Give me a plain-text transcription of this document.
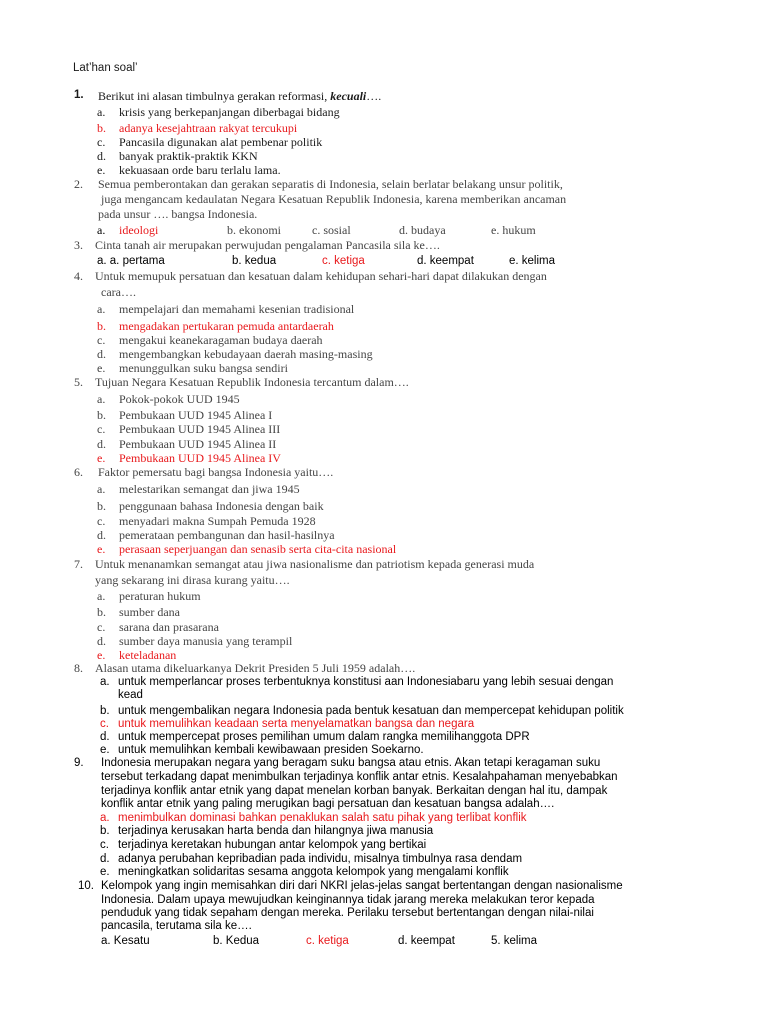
Lat’han soal’
1. Berikut ini alasan timbulnya gerakan reformasi, kecuali….
a. krisis yang berkepanjangan diberbagai bidang
b. adanya kesejahtraan rakyat tercukupi
c. Pancasila digunakan alat pembenar politik
d. banyak praktik-praktik KKN
e. kekuasaan orde baru terlalu lama.
2. Semua pemberontakan dan gerakan separatis di Indonesia, selain berlatar belakang unsur politik,
juga mengancam kedaulatan Negara Kesatuan Republik Indonesia, karena memberikan ancaman
pada unsur …. bangsa Indonesia.
a. ideologi	b. ekonomi	c. sosial	d. budaya	e. hukum
3. Cinta tanah air merupakan perwujudan pengalaman Pancasila sila ke….
a. a. pertama	b. kedua	c. ketiga	d. keempat	e. kelima
4. Untuk memupuk persatuan dan kesatuan dalam kehidupan sehari-hari dapat dilakukan dengan
cara….
a. mempelajari dan memahami kesenian tradisional
b. mengadakan pertukaran pemuda antardaerah
c. mengakui keanekaragaman budaya daerah
d. mengembangkan kebudayaan daerah masing-masing
e. menunggulkan suku bangsa sendiri
5. Tujuan Negara Kesatuan Republik Indonesia tercantum dalam….
a. Pokok-pokok UUD 1945
b. Pembukaan UUD 1945 Alinea I
c. Pembukaan UUD 1945 Alinea III
d. Pembukaan UUD 1945 Alinea II
e. Pembukaan UUD 1945 Alinea IV
6. Faktor pemersatu bagi bangsa Indonesia yaitu….
a. melestarikan semangat dan jiwa 1945
b. penggunaan bahasa Indonesia dengan baik
c. menyadari makna Sumpah Pemuda 1928
d. pemerataan pembangunan dan hasil-hasilnya
e. perasaan seperjuangan dan senasib serta cita-cita nasional
7. Untuk menanamkan semangat atau jiwa nasionalisme dan patriotism kepada generasi muda
yang sekarang ini dirasa kurang yaitu….
a. peraturan hukum
b. sumber dana
c. sarana dan prasarana
d. sumber daya manusia yang terampil
e. keteladanan
8. Alasan utama dikeluarkanya Dekrit Presiden 5 Juli 1959 adalah….
a. untuk memperlancar proses terbentuknya konstitusi aan Indonesiabaru yang lebih sesuai dengan
kead
b. untuk mengembalikan negara Indonesia pada bentuk kesatuan dan mempercepat kehidupan politik
c. untuk memulihkan keadaan serta menyelamatkan bangsa dan negara
d. untuk mempercepat proses pemilihan umum dalam rangka memilihanggota DPR
e. untuk memulihkan kembali kewibawaan presiden Soekarno.
9. Indonesia merupakan negara yang beragam suku bangsa atau etnis. Akan tetapi keragaman suku
tersebut terkadang dapat menimbulkan terjadinya konflik antar etnis. Kesalahpahaman menyebabkan
terjadinya konflik antar etnik yang dapat menelan korban banyak. Berkaitan dengan hal itu, dampak
konflik antar etnik yang paling merugikan bagi persatuan dan kesatuan bangsa adalah….
a. menimbulkan dominasi bahkan penaklukan salah satu pihak yang terlibat konflik
b. terjadinya kerusakan harta benda dan hilangnya jiwa manusia
c. terjadinya keretakan hubungan antar kelompok yang bertikai
d. adanya perubahan kepribadian pada individu, misalnya timbulnya rasa dendam
e. meningkatkan solidaritas sesama anggota kelompok yang mengalami konflik
10. Kelompok yang ingin memisahkan diri dari NKRI jelas-jelas sangat bertentangan dengan nasionalisme
Indonesia. Dalam upaya mewujudkan keinginannya tidak jarang mereka melakukan teror kepada
penduduk yang tidak sepaham dengan mereka. Perilaku tersebut bertentangan dengan nilai-nilai
pancasila, terutama sila ke….
a. Kesatu	b. Kedua	c. ketiga	d. keempat	5. kelima
